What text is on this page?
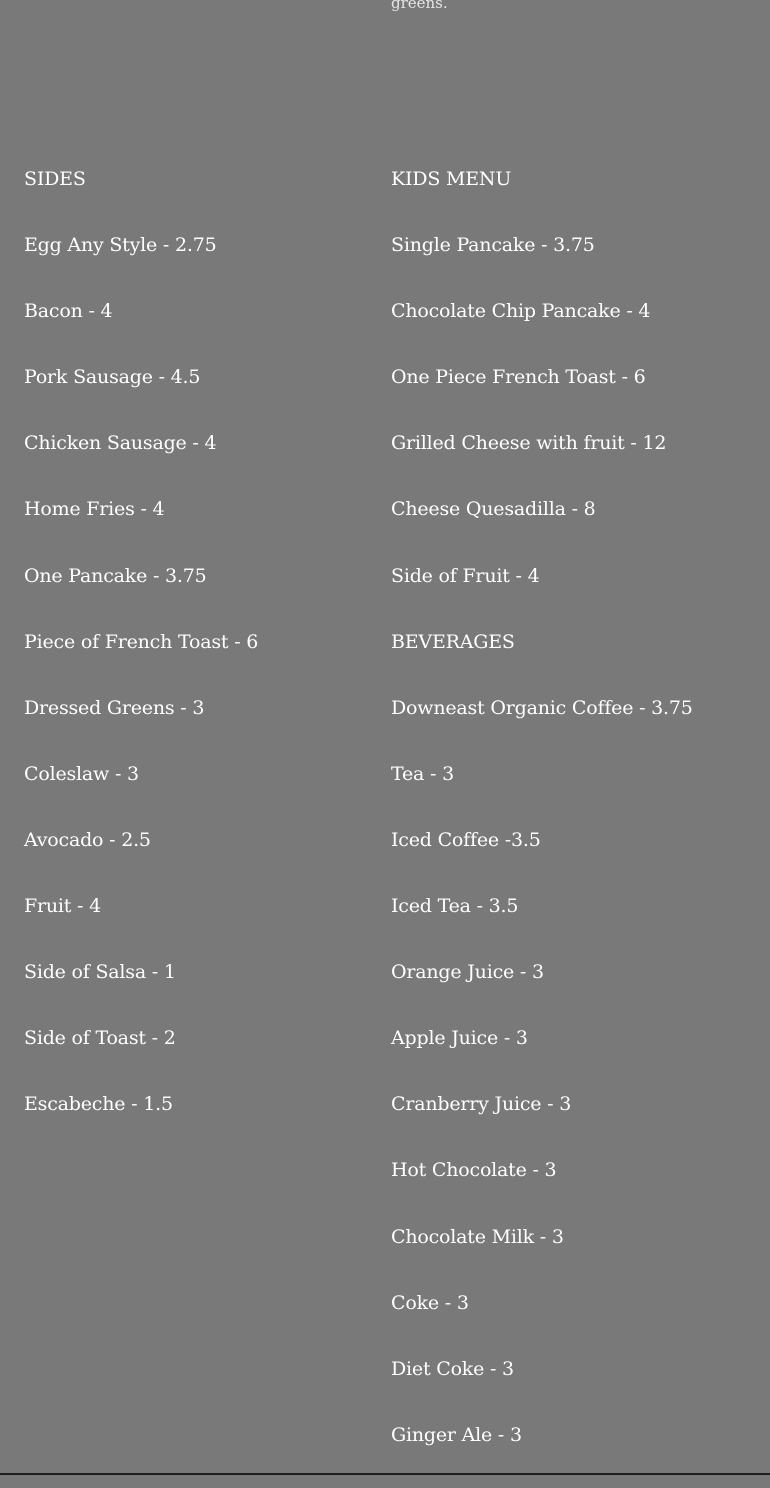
greens.
SIDES
Egg Any Style - 2.75
Bacon - 4
Pork Sausage - 4.5
Chicken Sausage - 4
Home Fries - 4
One Pancake - 3.75
Piece of French Toast - 6
Dressed Greens - 3
Coleslaw - 3
Avocado - 2.5
Fruit - 4
Side of Salsa - 1
Side of Toast - 2
Escabeche - 1.5
KIDS MENU
Single Pancake - 3.75
Chocolate Chip Pancake - 4
One Piece French Toast - 6
Grilled Cheese with fruit - 12
Cheese Quesadilla - 8
Side of Fruit - 4
BEVERAGES
Downeast Organic Coffee - 3.75
Tea - 3
Iced Coffee -3.5
Iced Tea - 3.5
Orange Juice - 3
Apple Juice - 3
Cranberry Juice - 3
Hot Chocolate - 3
Chocolate Milk - 3
Coke - 3
Diet Coke - 3
Ginger Ale - 3
